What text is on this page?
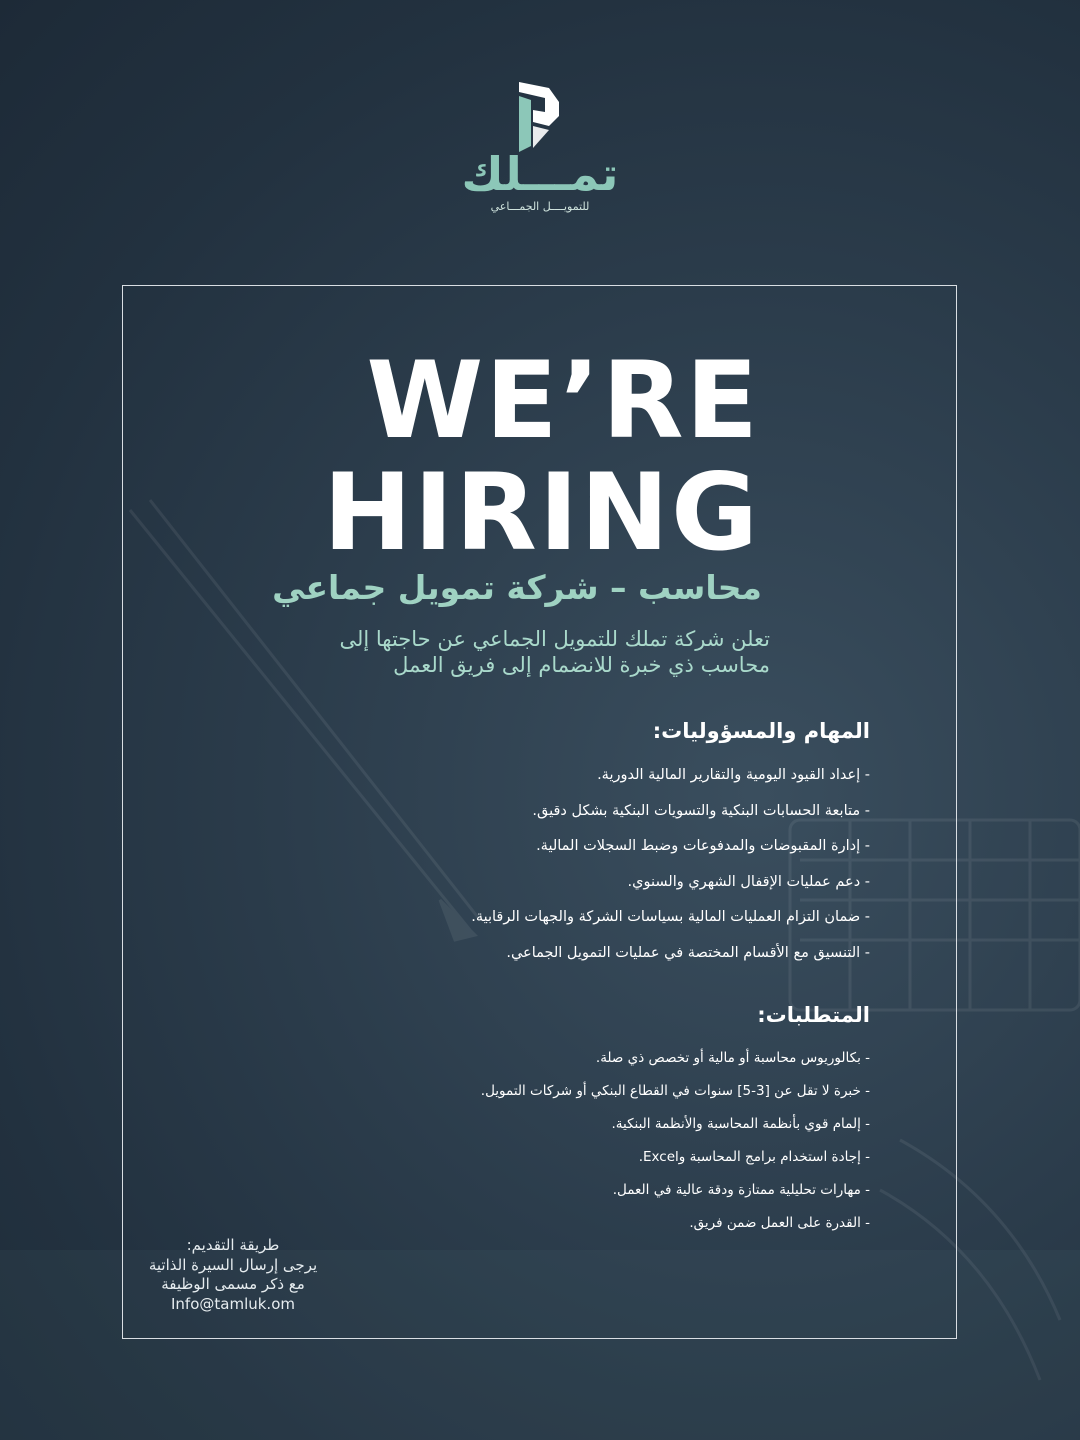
تمـــلك
للتمويــــل الجمـــاعي
WE’RE
HIRING
محاسب – شركة تمويل جماعي
تعلن شركة تملك للتمويل الجماعي عن حاجتها إلى
محاسب ذي خبرة للانضمام إلى فريق العمل
المهام والمسؤوليات:
- إعداد القيود اليومية والتقارير المالية الدورية.
- متابعة الحسابات البنكية والتسويات البنكية بشكل دقيق.
- إدارة المقبوضات والمدفوعات وضبط السجلات المالية.
- دعم عمليات الإقفال الشهري والسنوي.
- ضمان التزام العمليات المالية بسياسات الشركة والجهات الرقابية.
- التنسيق مع الأقسام المختصة في عمليات التمويل الجماعي.
المتطلبات:
- بكالوريوس محاسبة أو مالية أو تخصص ذي صلة.
- خبرة لا تقل عن [3-5] سنوات في القطاع البنكي أو شركات التمويل.
- إلمام قوي بأنظمة المحاسبة والأنظمة البنكية.
- إجادة استخدام برامج المحاسبة وExcel.
- مهارات تحليلية ممتازة ودقة عالية في العمل.
- القدرة على العمل ضمن فريق.
طريقة التقديم:
يرجى إرسال السيرة الذاتية
مع ذكر مسمى الوظيفة
Info@tamluk.om
